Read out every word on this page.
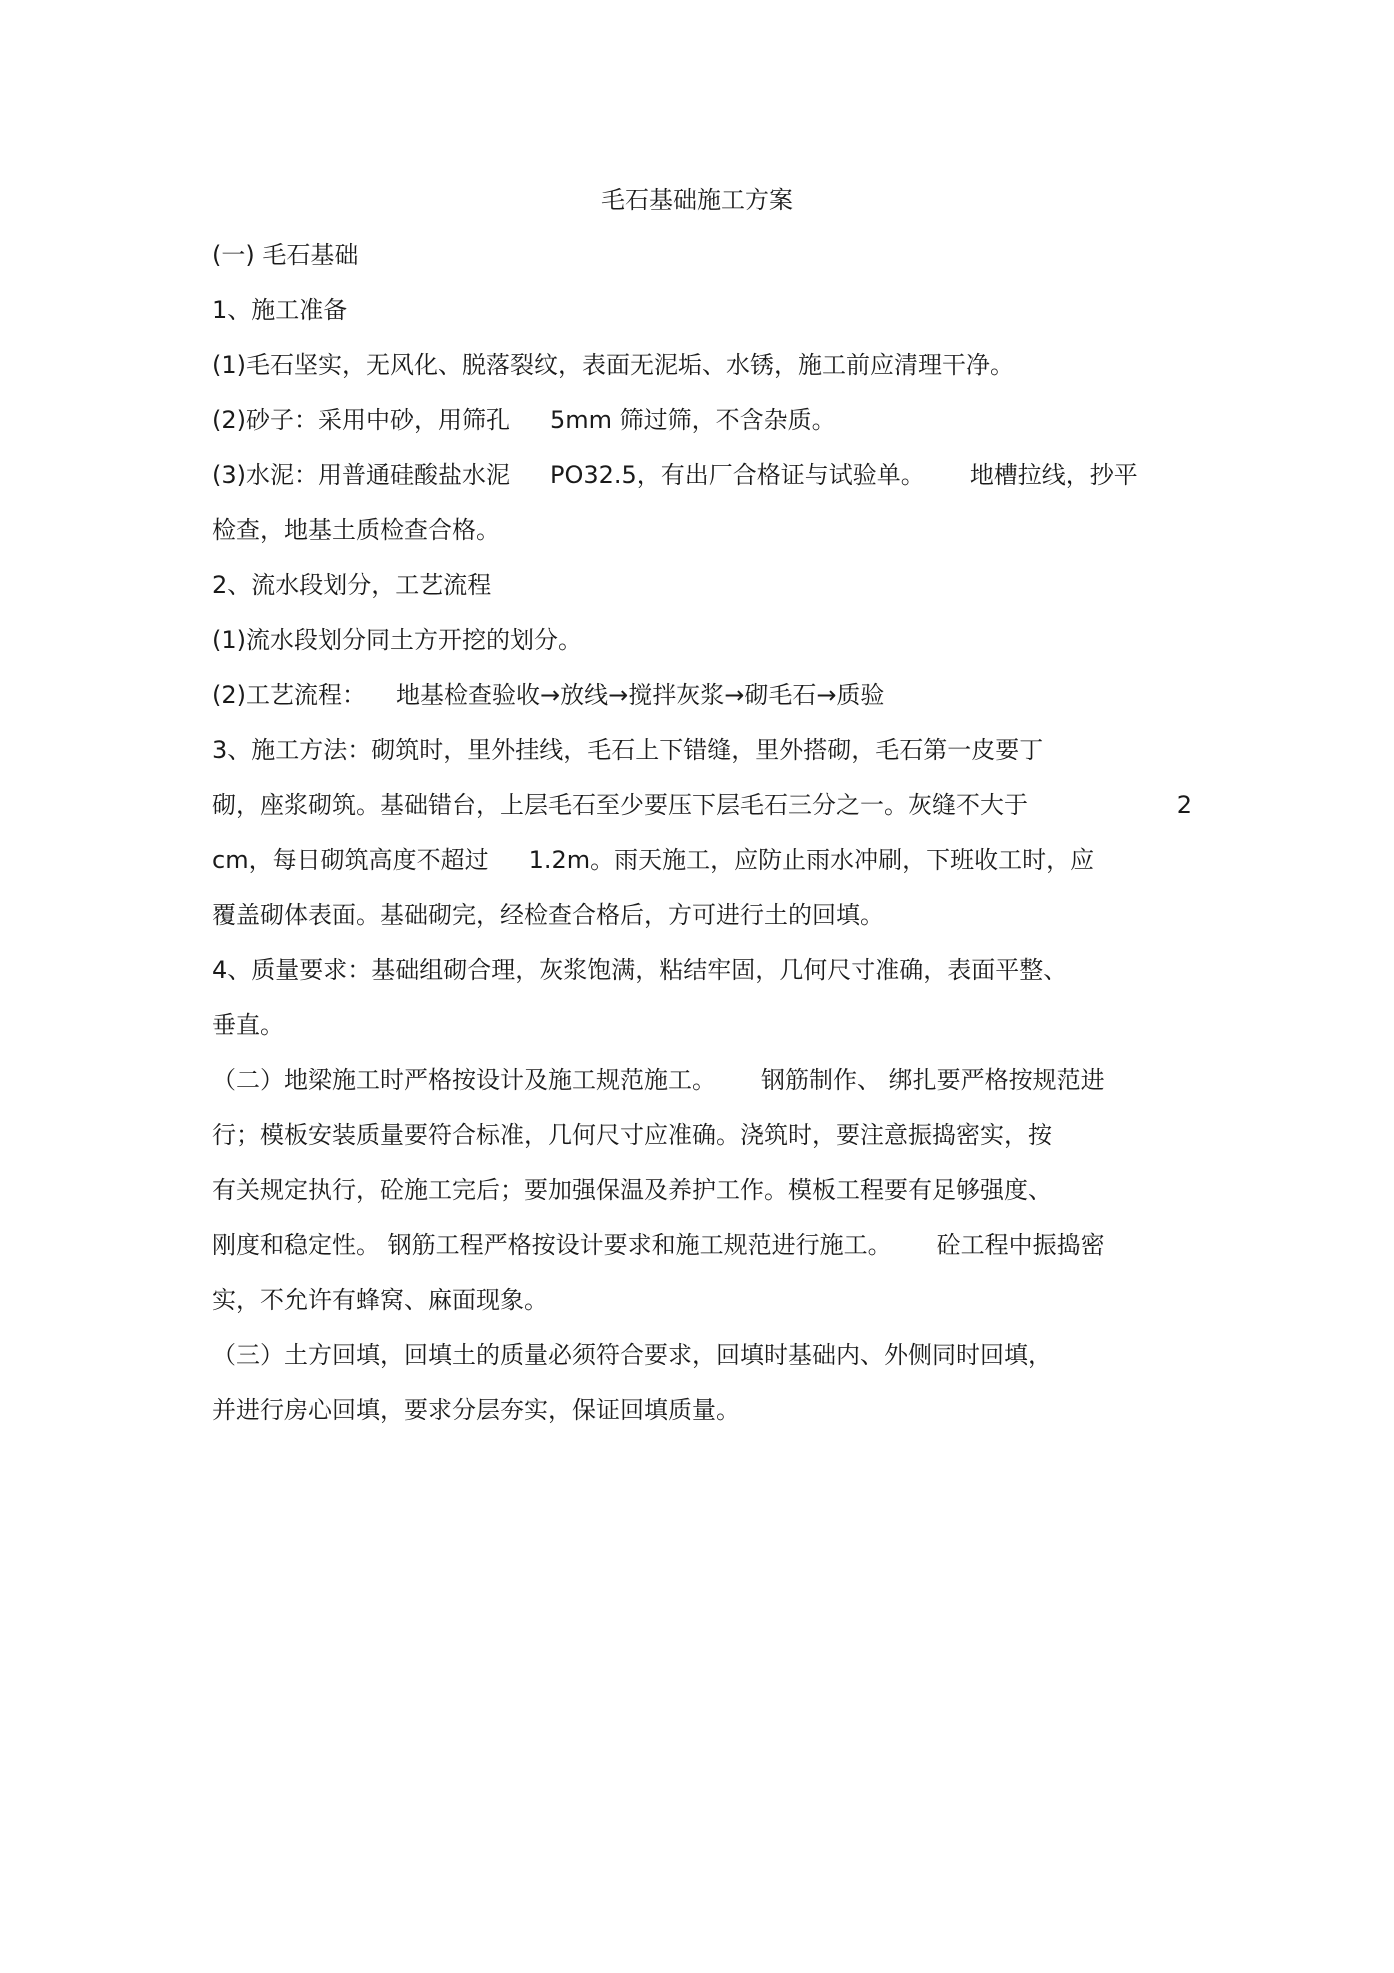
毛石基础施工方案
(一) 毛石基础
1、施工准备
(1)毛石坚实，无风化、脱落裂纹，表面无泥垢、水锈，施工前应清理干净。
(2)砂子：采用中砂，用筛孔 5mm 筛过筛，不含杂质。
(3)水泥：用普通硅酸盐水泥 PO32.5，有出厂合格证与试验单。 地槽拉线，抄平
检查，地基土质检查合格。
2、流水段划分，工艺流程
(1)流水段划分同土方开挖的划分。
(2)工艺流程： 地基检查验收→放线→搅拌灰浆→砌毛石→质验
3、施工方法：砌筑时，里外挂线，毛石上下错缝，里外搭砌，毛石第一皮要丁
砌，座浆砌筑。基础错台，上层毛石至少要压下层毛石三分之一。灰缝不大于	2
cm，每日砌筑高度不超过 1.2m。雨天施工，应防止雨水冲刷，下班收工时，应
覆盖砌体表面。基础砌完，经检查合格后，方可进行土的回填。
4、质量要求：基础组砌合理，灰浆饱满，粘结牢固，几何尺寸准确，表面平整、
垂直。
（二）地梁施工时严格按设计及施工规范施工。 钢筋制作、 绑扎要严格按规范进
行；模板安装质量要符合标准，几何尺寸应准确。浇筑时，要注意振捣密实，按
有关规定执行，砼施工完后；要加强保温及养护工作。模板工程要有足够强度、
刚度和稳定性。 钢筋工程严格按设计要求和施工规范进行施工。 砼工程中振捣密
实，不允许有蜂窝、麻面现象。
（三）土方回填，回填土的质量必须符合要求，回填时基础内、外侧同时回填，
并进行房心回填，要求分层夯实，保证回填质量。
